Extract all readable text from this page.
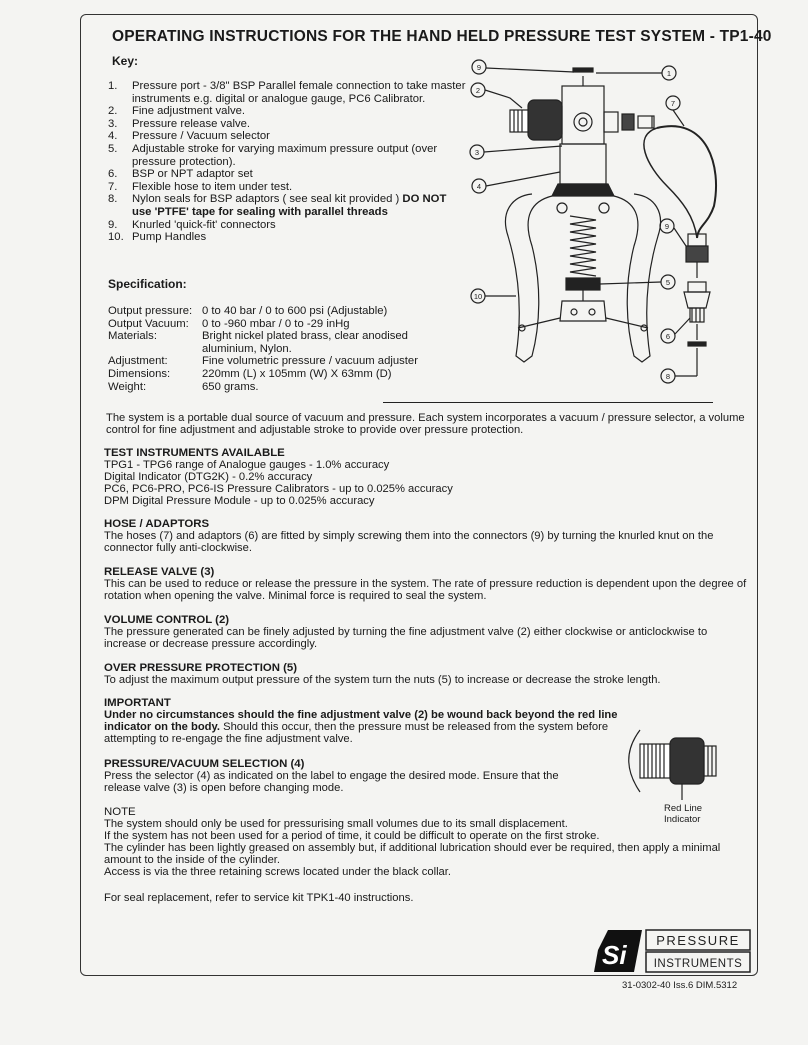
OPERATING INSTRUCTIONS FOR THE HAND HELD PRESSURE TEST SYSTEM - TP1-40
Key:
1. Pressure port - 3/8" BSP Parallel female connection to take master instruments e.g. digital or analogue gauge, PC6 Calibrator.
2. Fine adjustment valve.
3. Pressure release valve.
4. Pressure / Vacuum selector
5. Adjustable stroke for varying maximum pressure output (over pressure protection).
6. BSP or NPT adaptor set
7. Flexible hose to item under test.
8. Nylon seals for BSP adaptors ( see seal kit provided ) DO NOT use 'PTFE' tape for sealing with parallel threads
9. Knurled 'quick-fit' connectors
10. Pump Handles
Specification:
Output pressure: 0 to 40 bar / 0 to 600 psi (Adjustable)
Output Vacuum:	0 to -960 mbar / 0 to -29 inHg
Materials:	Bright nickel plated brass, clear anodised aluminium, Nylon.
Adjustment:	Fine volumetric pressure / vacuum adjuster
Dimensions:	220mm (L) x 105mm (W) X 63mm (D)
Weight:	650 grams.
9
1
2
7
3
4
9
5
10
6
8
The system is a portable dual source of vacuum and pressure. Each system incorporates a vacuum / pressure selector, a volume control for fine adjustment and adjustable stroke to provide over pressure protection.
TEST INSTRUMENTS AVAILABLE

TPG1 - TPG6 range of Analogue gauges - 1.0% accuracy

Digital Indicator (DTG2K) - 0.2% accuracy

PC6, PC6-PRO, PC6-IS Pressure Calibrators - up to 0.025% accuracy

DPM Digital Pressure Module - up to 0.025% accuracy

HOSE / ADAPTORS

The hoses (7) and adaptors (6) are fitted by simply screwing them into the connectors (9) by turning the knurled knut on the connector fully anti-clockwise.

RELEASE VALVE (3)

This can be used to reduce or release the pressure in the system. The rate of pressure reduction is dependent upon the degree of rotation when opening the valve. Minimal force is required to seal the system.

VOLUME CONTROL (2)

The pressure generated can be finely adjusted by turning the fine adjustment valve (2) either clockwise or anticlockwise to increase or decrease pressure accordingly.

OVER PRESSURE PROTECTION (5)

To adjust the maximum output pressure of the system turn the nuts (5) to increase or decrease the stroke length.

IMPORTANT

Under no circumstances should the fine adjustment valve (2) be wound back beyond the red line indicator on the body. Should this occur, then the pressure must be released from the system before attempting to re-engage the fine adjustment valve.

PRESSURE/VACUUM SELECTION (4)

Press the selector (4) as indicated on the label to engage the desired mode. Ensure that the release valve (3) is open before changing mode.

NOTE

The system should only be used for pressurising small volumes due to its small displacement.

If the system has not been used for a period of time, it could be difficult to operate on the first stroke.

The cylinder has been lightly greased on assembly but, if additional lubrication should ever be required, then apply a minimal amount to the inside of the cylinder.

Access is via the three retaining screws located under the black collar.

For seal replacement, refer to service kit TPK1-40 instructions.

Red Line
Indicator
Si PRESSURE
INSTRUMENTS
31-0302-40 Iss.6 DIM.5312
